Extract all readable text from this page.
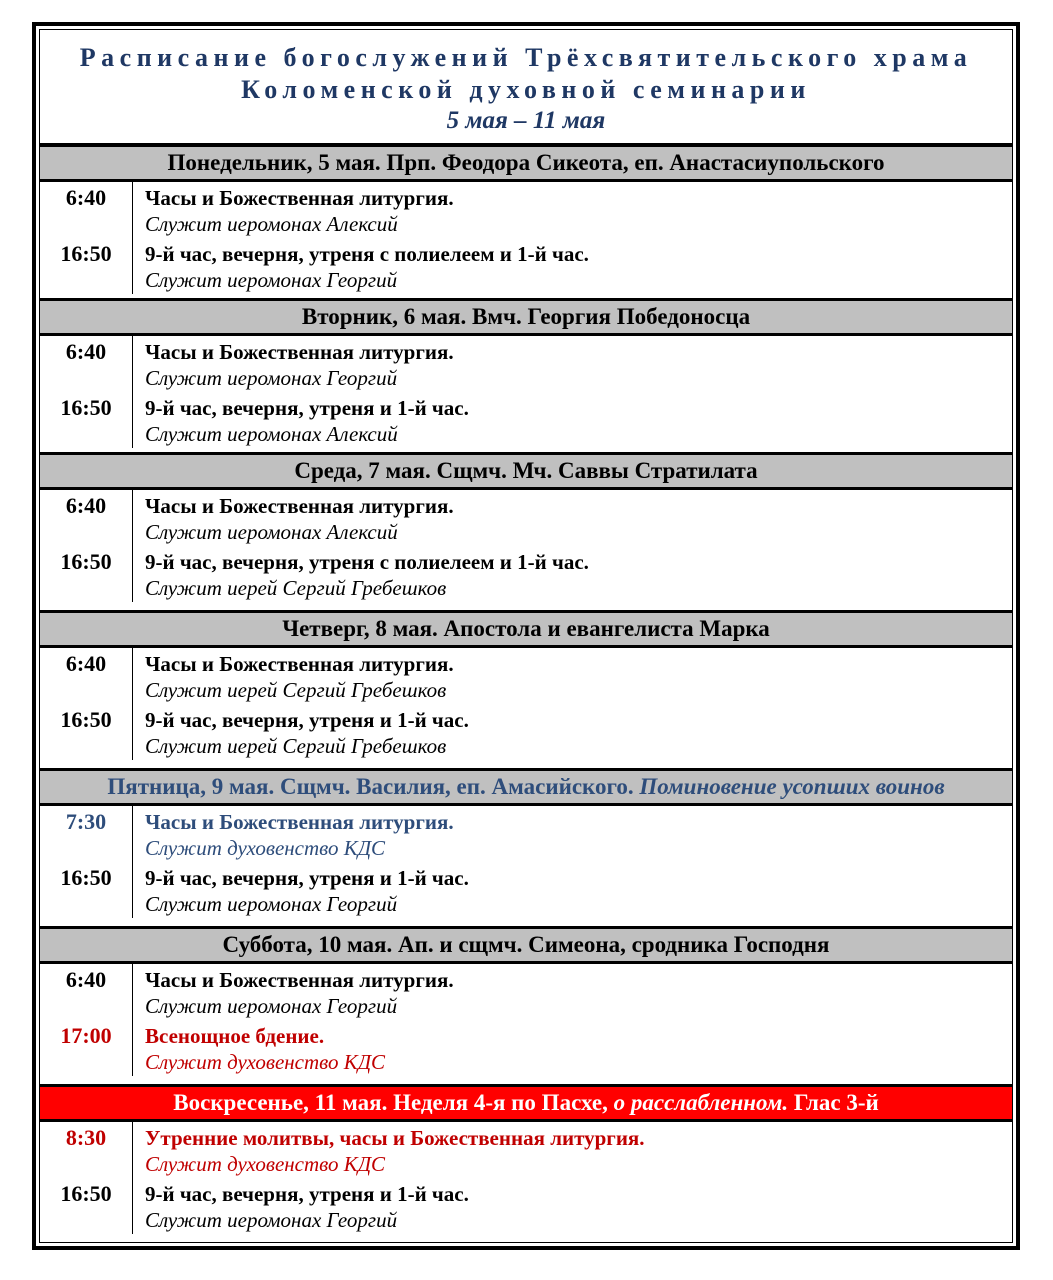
Расписание богослужений Трёхсвятительского храма
Коломенской духовной семинарии
5 мая – 11 мая
Понедельник, 5 мая. Прп. Феодора Сикеота, еп. Анастасиупольского
6:40	Часы и Божественная литургия.
Служит иеромонах Алексий
16:50	9-й час, вечерня, утреня с полиелеем и 1-й час.
Служит иеромонах Георгий
Вторник, 6 мая. Вмч. Георгия Победоносца
6:40	Часы и Божественная литургия.
Служит иеромонах Георгий
16:50	9-й час, вечерня, утреня и 1-й час.
Служит иеромонах Алексий
Среда, 7 мая. Сщмч. Мч. Саввы Стратилата
6:40	Часы и Божественная литургия.
Служит иеромонах Алексий
16:50	9-й час, вечерня, утреня с полиелеем и 1-й час.
Служит иерей Сергий Гребешков
Четверг, 8 мая. Апостола и евангелиста Марка
6:40	Часы и Божественная литургия.
Служит иерей Сергий Гребешков
16:50	9-й час, вечерня, утреня и 1-й час.
Служит иерей Сергий Гребешков
Пятница, 9 мая. Сщмч. Василия, еп. Амасийского. Поминовение усопших воинов
7:30	Часы и Божественная литургия.
Служит духовенство КДС
16:50	9-й час, вечерня, утреня и 1-й час.
Служит иеромонах Георгий
Суббота, 10 мая. Ап. и сщмч. Симеона, сродника Господня
6:40	Часы и Божественная литургия.
Служит иеромонах Георгий
17:00	Всенощное бдение.
Служит духовенство КДС
Воскресенье, 11 мая. Неделя 4-я по Пасхе, о расслабленном. Глас 3-й
8:30	Утренние молитвы, часы и Божественная литургия.
Служит духовенство КДС
16:50	9-й час, вечерня, утреня и 1-й час.
Служит иеромонах Георгий
